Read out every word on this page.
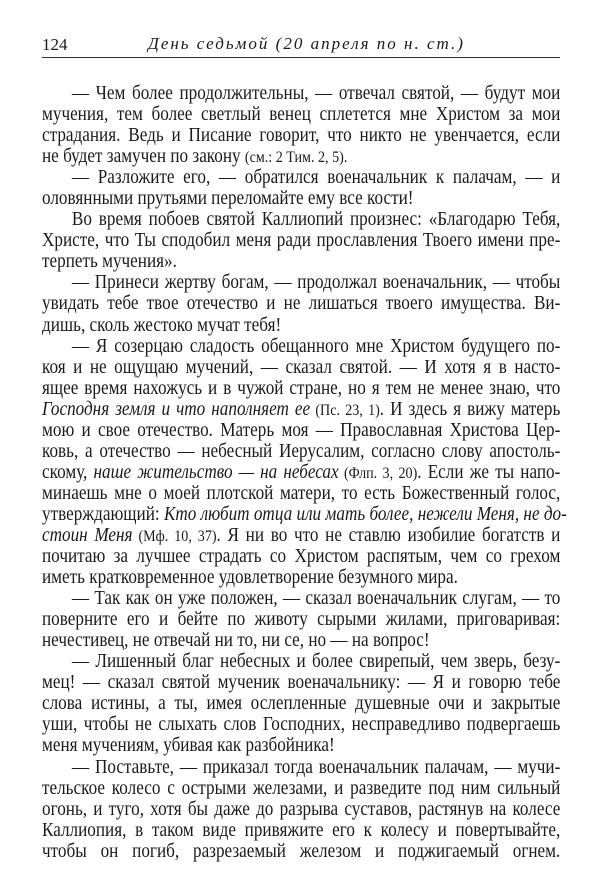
124	День седьмой (20 апреля по н. ст.)
— Чем более продолжительны, — отвечал святой, — будут мои
мучения, тем более светлый венец сплетется мне Христом за мои
страдания. Ведь и Писание говорит, что никто не увенчается, если
не будет замучен по закону (см.: 2 Тим. 2, 5).
— Разложите его, — обратился военачальник к палачам, — и
оловянными прутьями переломайте ему все кости!
Во время побоев святой Каллиопий произнес: «Благодарю Тебя,
Христе, что Ты сподобил меня ради прославления Твоего имени пре-
терпеть мучения».
— Принеси жертву богам, — продолжал военачальник, — чтобы
увидать тебе твое отечество и не лишаться твоего имущества. Ви-
дишь, сколь жестоко мучат тебя!
— Я созерцаю сладость обещанного мне Христом будущего по-
коя и не ощущаю мучений, — сказал святой. — И хотя я в насто-
ящее время нахожусь и в чужой стране, но я тем не менее знаю, что
Господня земля и что наполняет ее (Пс. 23, 1). И здесь я вижу матерь
мою и свое отечество. Матерь моя — Православная Христова Цер-
ковь, а отечество — небесный Иерусалим, согласно слову апостоль-
скому, наше жительство — на небесах (Флп. 3, 20). Если же ты напо-
минаешь мне о моей плотской матери, то есть Божественный голос,
утверждающий: Кто любит отца или мать более, нежели Меня, не до-
стоин Меня (Мф. 10, 37). Я ни во что не ставлю изобилие богатств и
почитаю за лучшее страдать со Христом распятым, чем со грехом
иметь кратковременное удовлетворение безумного мира.
— Так как он уже положен, — сказал военачальник слугам, — то
поверните его и бейте по животу сырыми жилами, приговаривая:
нечестивец, не отвечай ни то, ни се, но — на вопрос!
— Лишенный благ небесных и более свирепый, чем зверь, безу-
мец! — сказал святой мученик военачальнику: — Я и говорю тебе
слова истины, а ты, имея ослепленные душевные очи и закрытые
уши, чтобы не слыхать слов Господних, несправедливо подвергаешь
меня мучениям, убивая как разбойника!
— Поставьте, — приказал тогда военачальник палачам, — мучи-
тельское колесо с острыми железами, и разведите под ним сильный
огонь, и туго, хотя бы даже до разрыва суставов, растянув на колесе
Каллиопия, в таком виде привяжите его к колесу и повертывайте,
чтобы он погиб, разрезаемый железом и поджигаемый огнем.
